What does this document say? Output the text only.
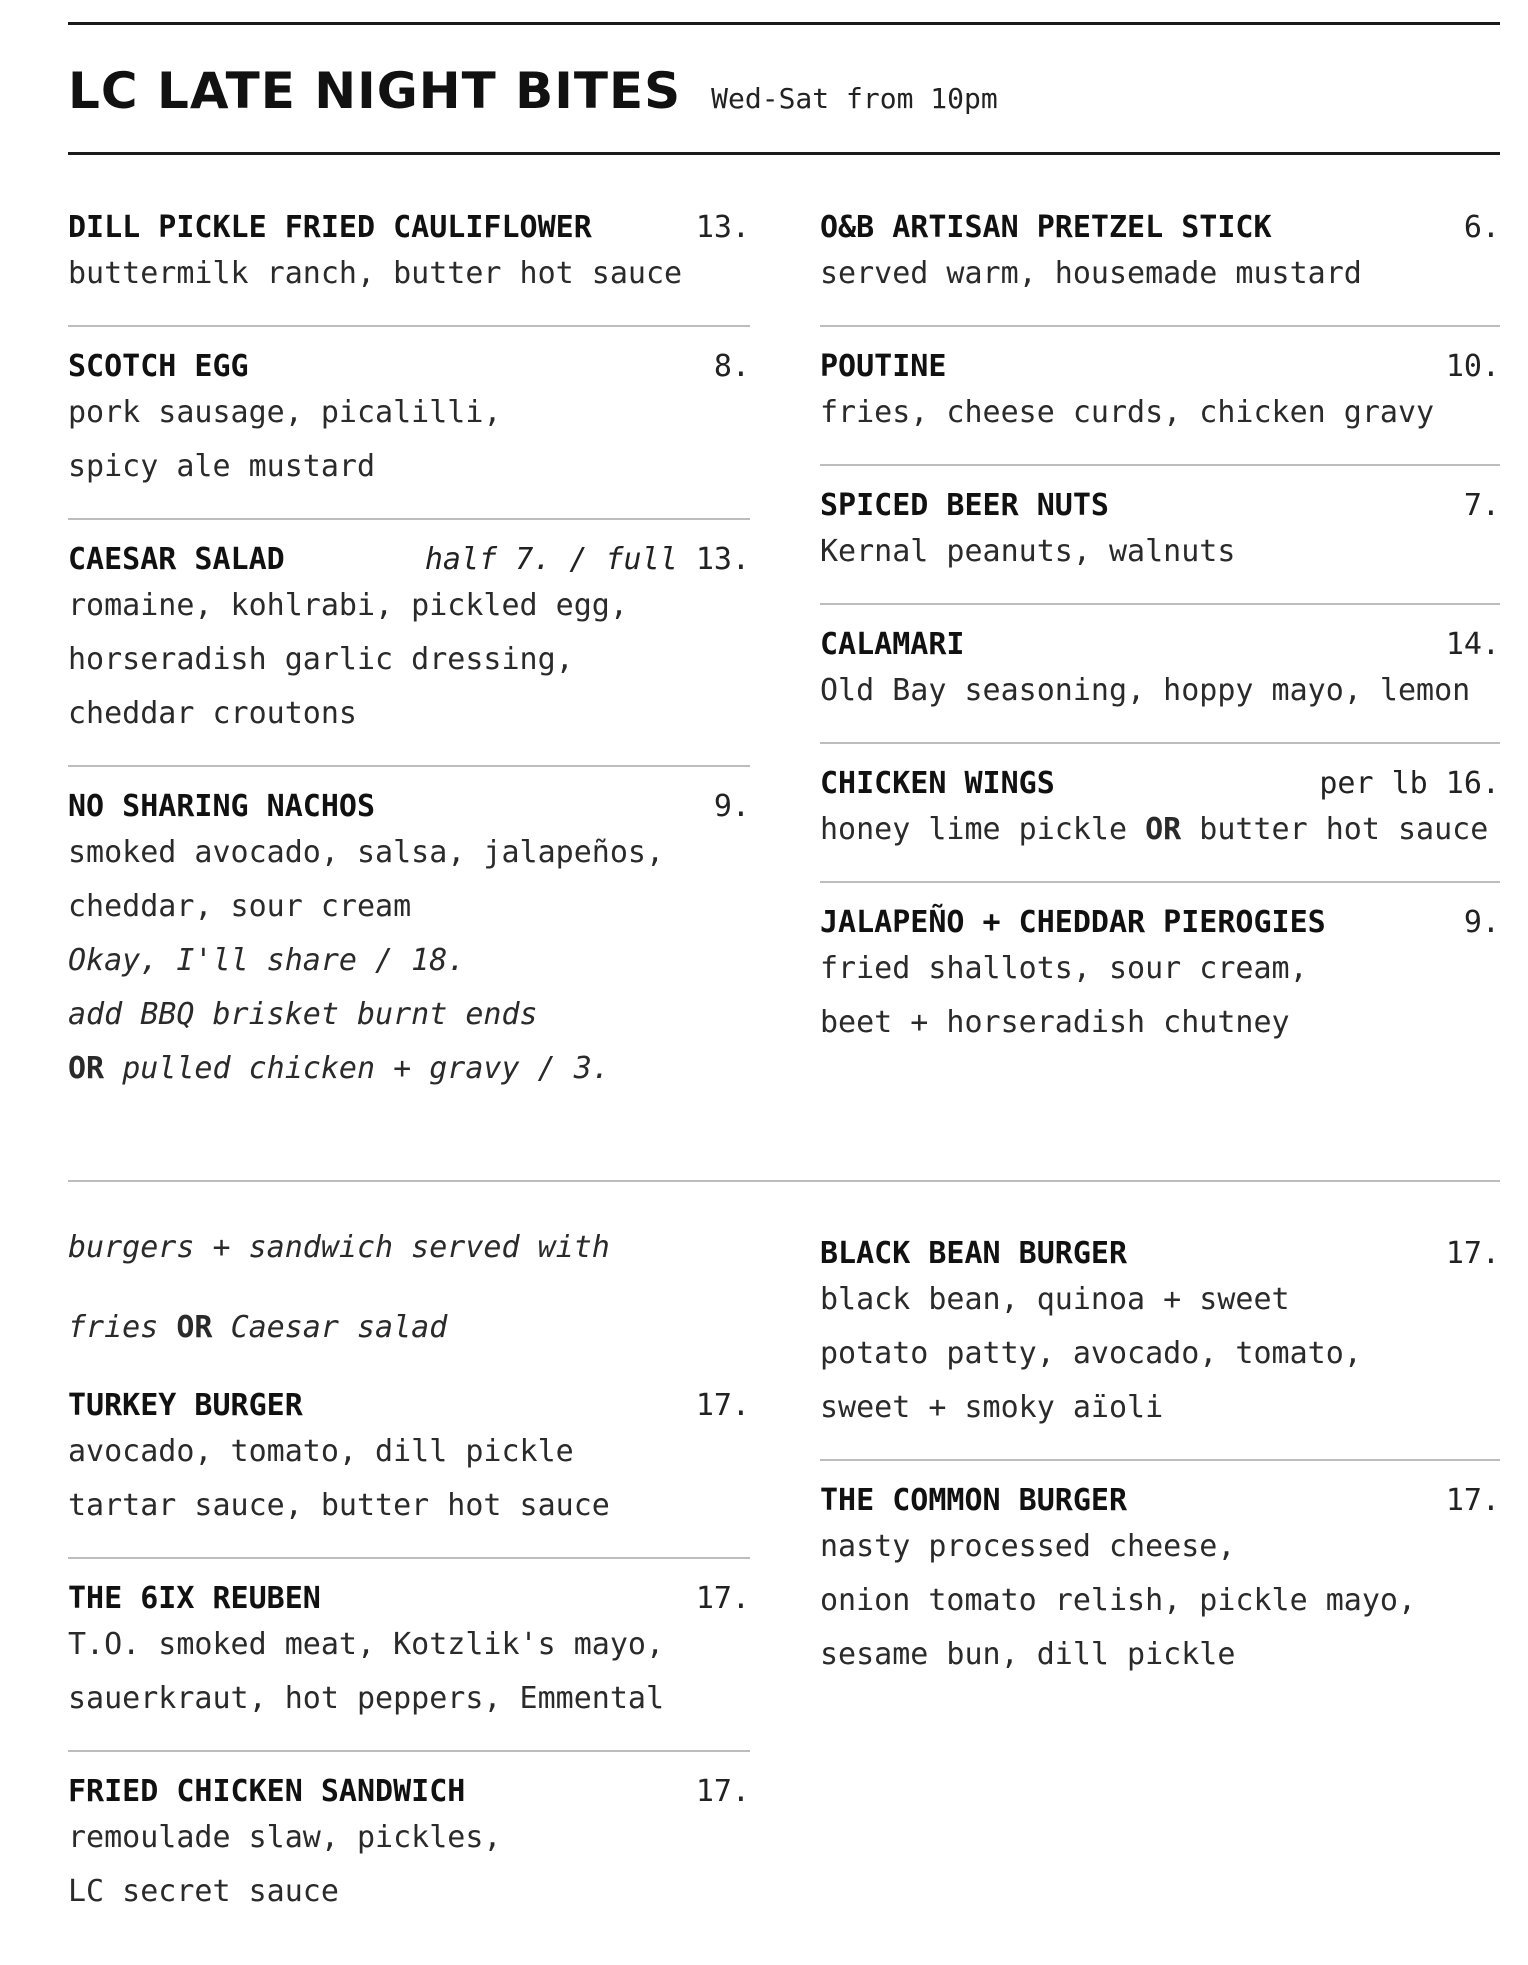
LC LATE NIGHT BITES Wed-Sat from 10pm
DILL PICKLE FRIED CAULIFLOWER	13.
buttermilk ranch, butter hot sauce
SCOTCH EGG	8.
pork sausage, picalilli,
spicy ale mustard
CAESAR SALAD	half 7. / full 13.
romaine, kohlrabi, pickled egg,
horseradish garlic dressing,
cheddar croutons
NO SHARING NACHOS	9.
smoked avocado, salsa, jalapeños,
cheddar, sour cream
Okay, I'll share / 18.
add BBQ brisket burnt ends
OR pulled chicken + gravy / 3.
O&B ARTISAN PRETZEL STICK	6.
served warm, housemade mustard
POUTINE	10.
fries, cheese curds, chicken gravy
SPICED BEER NUTS	7.
Kernal peanuts, walnuts
CALAMARI	14.
Old Bay seasoning, hoppy mayo, lemon
CHICKEN WINGS	per lb 16.
honey lime pickle OR butter hot sauce
JALAPEÑO + CHEDDAR PIEROGIES	9.
fried shallots, sour cream,
beet + horseradish chutney
burgers + sandwich served with
fries OR Caesar salad
TURKEY BURGER	17.
avocado, tomato, dill pickle
tartar sauce, butter hot sauce
THE 6IX REUBEN	17.
T.O. smoked meat, Kotzlik's mayo,
sauerkraut, hot peppers, Emmental
FRIED CHICKEN SANDWICH	17.
remoulade slaw, pickles,
LC secret sauce
BLACK BEAN BURGER	17.
black bean, quinoa + sweet
potato patty, avocado, tomato,
sweet + smoky aïoli
THE COMMON BURGER	17.
nasty processed cheese,
onion tomato relish, pickle mayo,
sesame bun, dill pickle
